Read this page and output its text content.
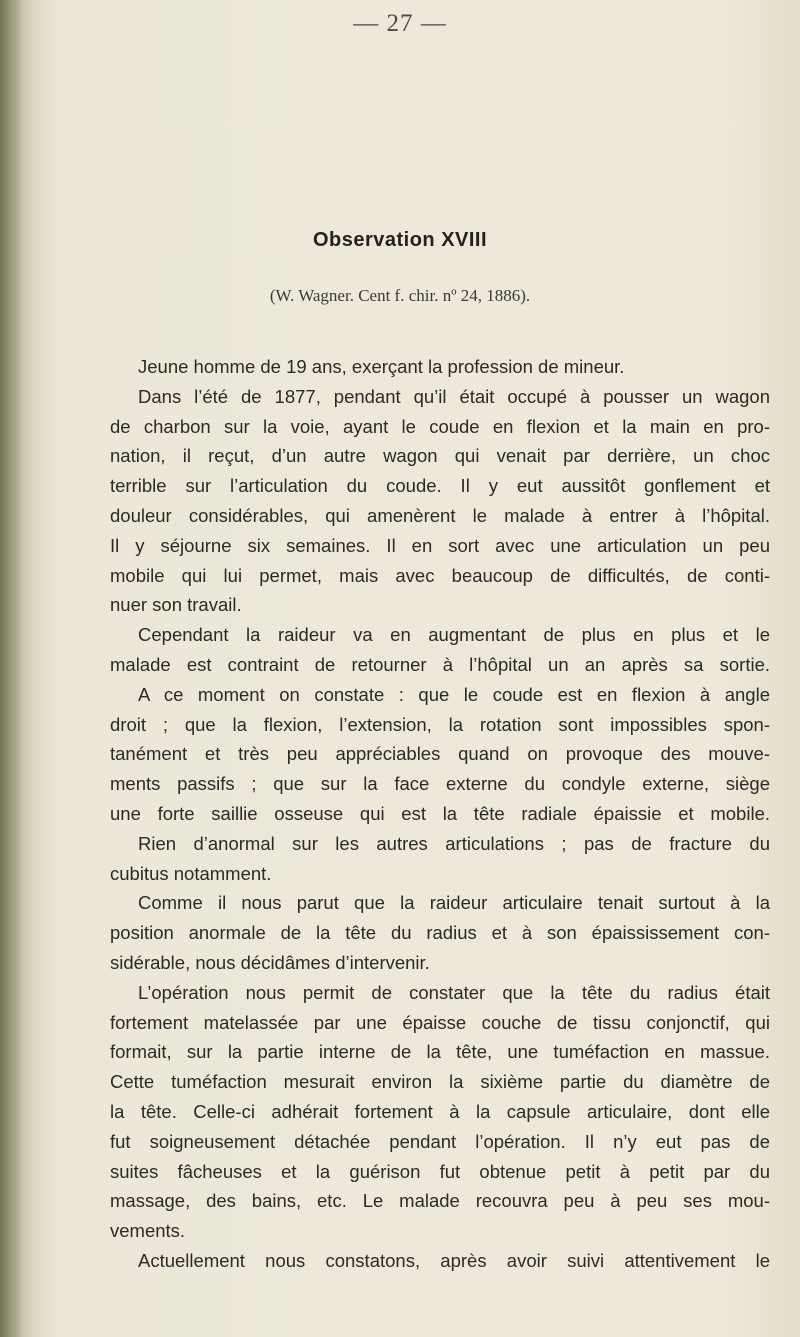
— 27 —
Observation XVIII
(W. Wagner. Cent f. chir. nº 24, 1886).
Jeune homme de 19 ans, exerçant la profession de mineur.
Dans l’été de 1877, pendant qu’il était occupé à pousser un wagon
de charbon sur la voie, ayant le coude en flexion et la main en pro-
nation, il reçut, d’un autre wagon qui venait par derrière, un choc
terrible sur l’articulation du coude. Il y eut aussitôt gonflement et
douleur considérables, qui amenèrent le malade à entrer à l’hôpital.
Il y séjourne six semaines. Il en sort avec une articulation un peu
mobile qui lui permet, mais avec beaucoup de difficultés, de conti-
nuer son travail.
Cependant la raideur va en augmentant de plus en plus et le
malade est contraint de retourner à l’hôpital un an après sa sortie.
A ce moment on constate : que le coude est en flexion à angle
droit ; que la flexion, l’extension, la rotation sont impossibles spon-
tanément et très peu appréciables quand on provoque des mouve-
ments passifs ; que sur la face externe du condyle externe, siège
une forte saillie osseuse qui est la tête radiale épaissie et mobile.
Rien d’anormal sur les autres articulations ; pas de fracture du
cubitus notamment.
Comme il nous parut que la raideur articulaire tenait surtout à la
position anormale de la tête du radius et à son épaississement con-
sidérable, nous décidâmes d’intervenir.
L’opération nous permit de constater que la tête du radius était
fortement matelassée par une épaisse couche de tissu conjonctif, qui
formait, sur la partie interne de la tête, une tuméfaction en massue.
Cette tuméfaction mesurait environ la sixième partie du diamètre de
la tête. Celle-ci adhérait fortement à la capsule articulaire, dont elle
fut soigneusement détachée pendant l’opération. Il n’y eut pas de
suites fâcheuses et la guérison fut obtenue petit à petit par du
massage, des bains, etc. Le malade recouvra peu à peu ses mou-
vements.
Actuellement nous constatons, après avoir suivi attentivement le
